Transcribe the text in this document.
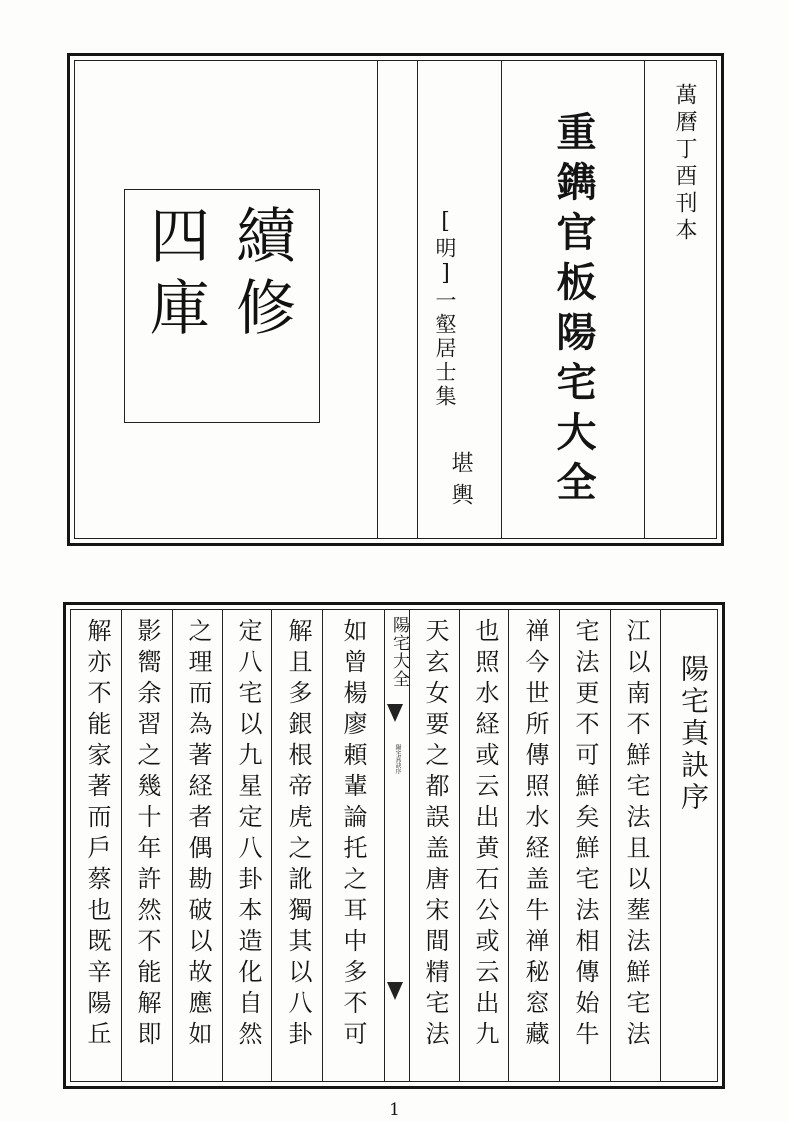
續修
四庫	[明]一壑居士集
堪輿 重鐫官板陽宅大全	萬曆丁酉刊本
陽宅大全
陽宅真訣序	陽宅真訣序
江以南不鮮宅法且以塟法鮮宅法
宅法更不可鮮矣鮮宅法相傳始牛
禅今世所傳照水経盖牛禅秘窓藏
也照水経或云出黄石公或云出九
天玄女要之都誤盖唐宋間精宅法
如曾楊廖頼輩論托之耳中多不可
解且多銀根帝虎之訛獨其以八卦
定八宅以九星定八卦本造化自然
之理而為著経者偶勘破以故應如
影嚮余習之幾十年許然不能解即
解亦不能家著而戶蔡也既辛陽丘
1
